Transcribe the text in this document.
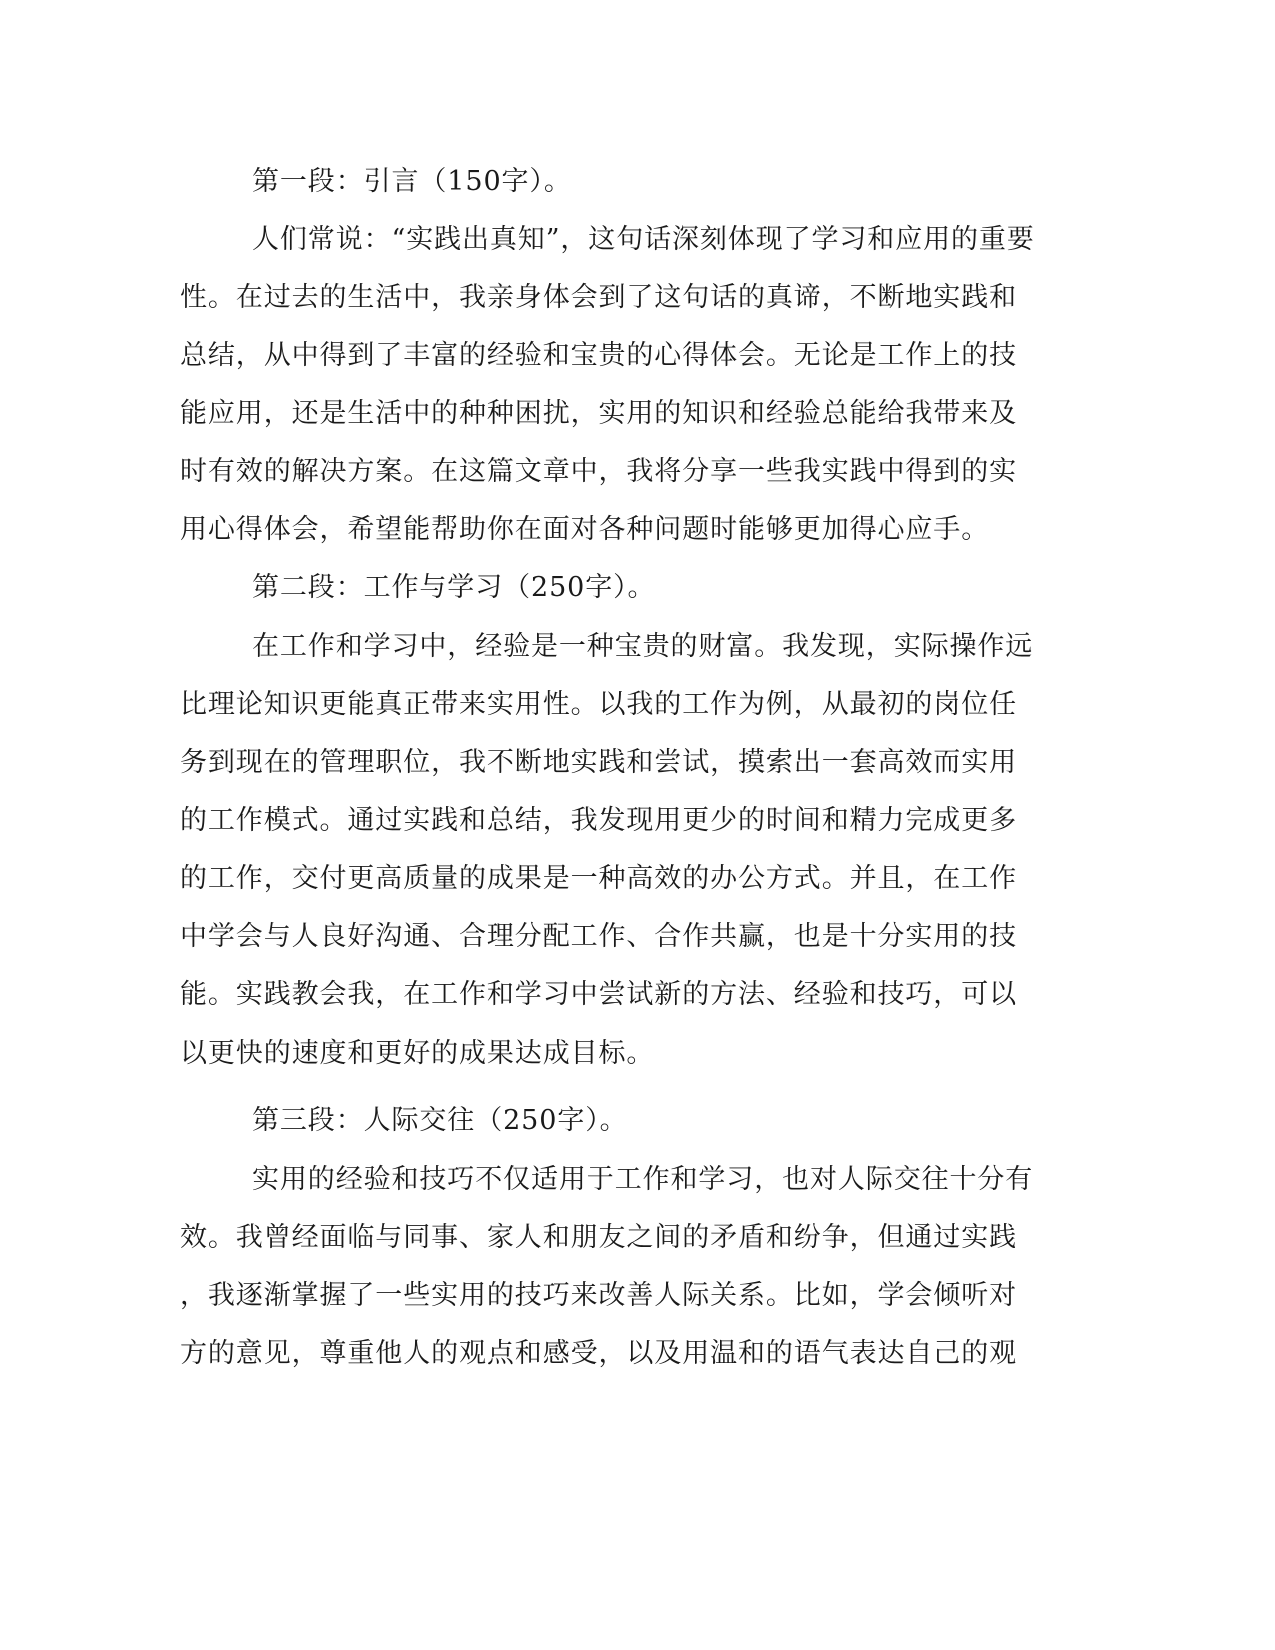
第一段：引言（150字）。
人们常说：“实践出真知”，这句话深刻体现了学习和应用的重要
性。在过去的生活中，我亲身体会到了这句话的真谛，不断地实践和
总结，从中得到了丰富的经验和宝贵的心得体会。无论是工作上的技
能应用，还是生活中的种种困扰，实用的知识和经验总能给我带来及
时有效的解决方案。在这篇文章中，我将分享一些我实践中得到的实
用心得体会，希望能帮助你在面对各种问题时能够更加得心应手。
第二段：工作与学习（250字）。
在工作和学习中，经验是一种宝贵的财富。我发现，实际操作远
比理论知识更能真正带来实用性。以我的工作为例，从最初的岗位任
务到现在的管理职位，我不断地实践和尝试，摸索出一套高效而实用
的工作模式。通过实践和总结，我发现用更少的时间和精力完成更多
的工作，交付更高质量的成果是一种高效的办公方式。并且，在工作
中学会与人良好沟通、合理分配工作、合作共赢，也是十分实用的技
能。实践教会我，在工作和学习中尝试新的方法、经验和技巧，可以
以更快的速度和更好的成果达成目标。
第三段：人际交往（250字）。
实用的经验和技巧不仅适用于工作和学习，也对人际交往十分有
效。我曾经面临与同事、家人和朋友之间的矛盾和纷争，但通过实践
，我逐渐掌握了一些实用的技巧来改善人际关系。比如，学会倾听对
方的意见，尊重他人的观点和感受，以及用温和的语气表达自己的观
